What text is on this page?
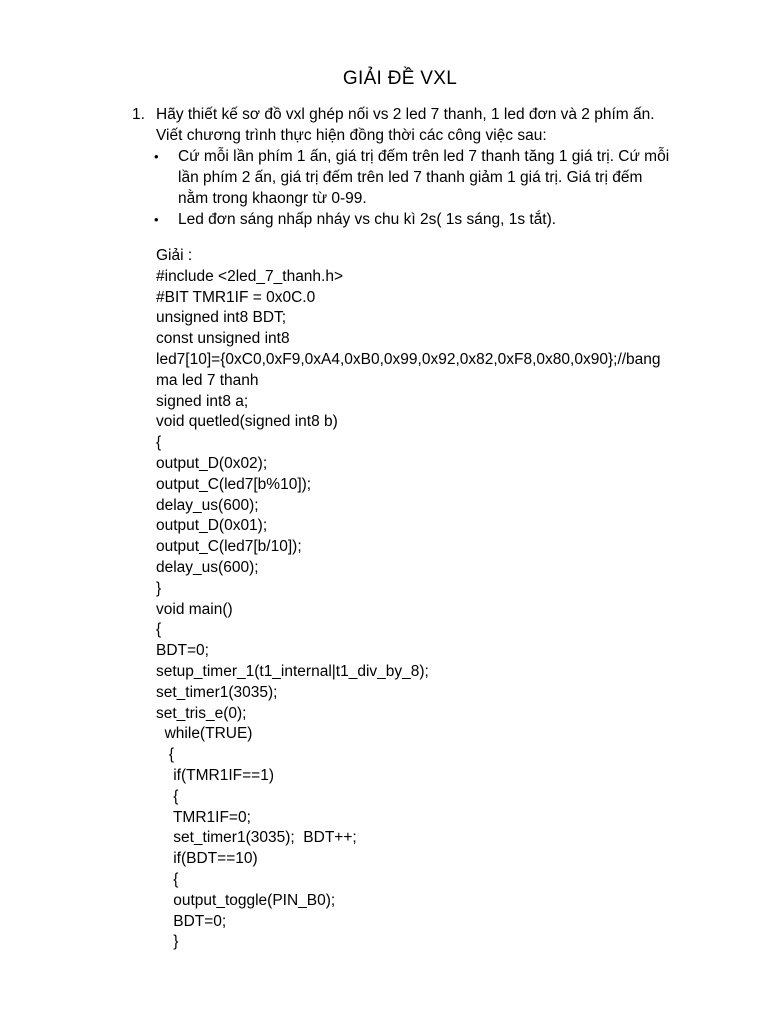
GIẢI ĐỀ VXL
1. Hãy thiết kế sơ đồ vxl ghép nối vs 2 led 7 thanh, 1 led đơn và 2 phím ấn.
Viết chương trình thực hiện đồng thời các công việc sau:
•	Cứ mỗi lần phím 1 ấn, giá trị đếm trên led 7 thanh tăng 1 giá trị. Cứ mỗi
lần phím 2 ấn, giá trị đếm trên led 7 thanh giảm 1 giá trị. Giá trị đếm
nằm trong khaongr từ 0-99.
•	Led đơn sáng nhấp nháy vs chu kì 2s( 1s sáng, 1s tắt).
Giải :
#include <2led_7_thanh.h>
#BIT TMR1IF = 0x0C.0
unsigned int8 BDT;
const unsigned int8
led7[10]={0xC0,0xF9,0xA4,0xB0,0x99,0x92,0x82,0xF8,0x80,0x90};//bang
ma led 7 thanh
signed int8 a;
void quetled(signed int8 b)
{
output_D(0x02);
output_C(led7[b%10]);
delay_us(600);
output_D(0x01);
output_C(led7[b/10]);
delay_us(600);
}
void main()
{
BDT=0;
setup_timer_1(t1_internal|t1_div_by_8);
set_timer1(3035);
set_tris_e(0);
while(TRUE)
{
if(TMR1IF==1)
{
TMR1IF=0;
set_timer1(3035);  BDT++;
if(BDT==10)
{
output_toggle(PIN_B0);
BDT=0;
}
